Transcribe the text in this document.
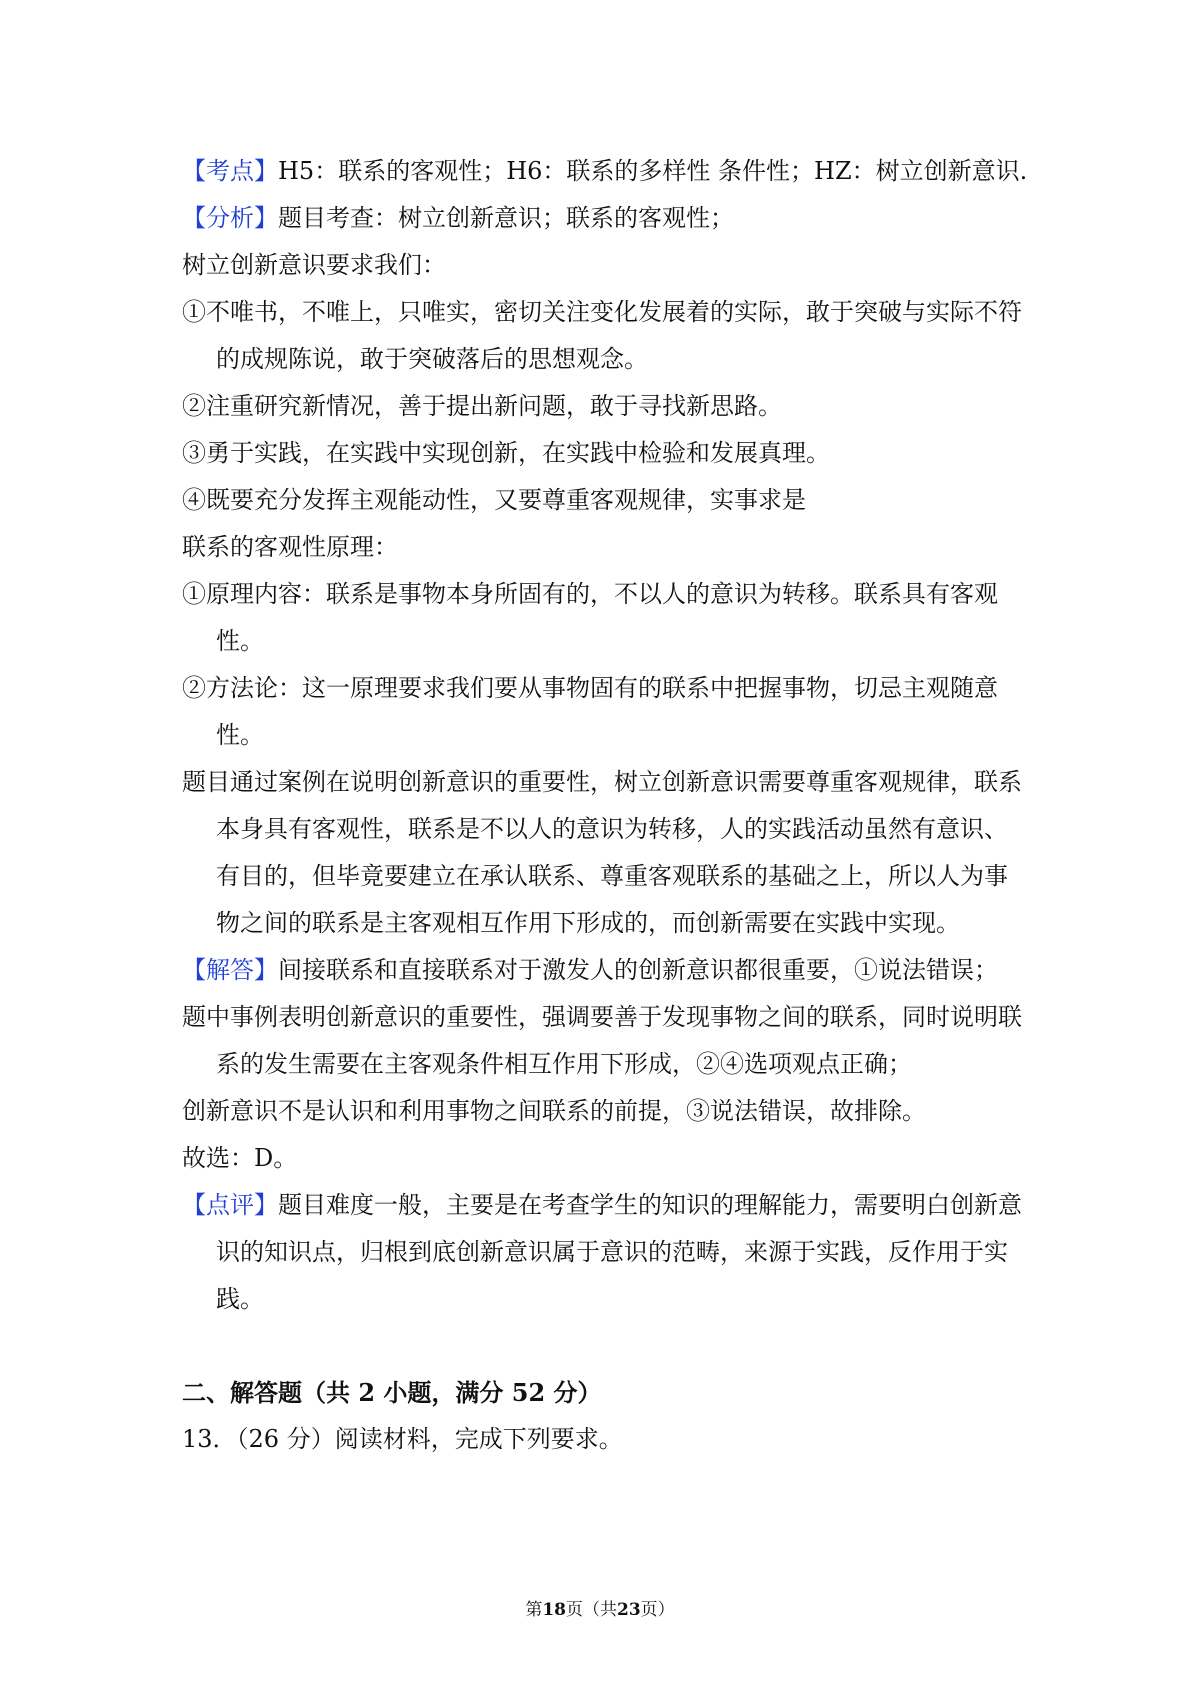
【考点】H5：联系的客观性；H6：联系的多样性 条件性；HZ：树立创新意识.

【分析】题目考查：树立创新意识；联系的客观性；

树立创新意识要求我们：

①不唯书，不唯上，只唯实，密切关注变化发展着的实际，敢于突破与实际不符的成规陈说，敢于突破落后的思想观念。

②注重研究新情况，善于提出新问题，敢于寻找新思路。

③勇于实践，在实践中实现创新，在实践中检验和发展真理。

④既要充分发挥主观能动性，又要尊重客观规律，实事求是

联系的客观性原理：

①原理内容：联系是事物本身所固有的，不以人的意识为转移。联系具有客观性。

②方法论：这一原理要求我们要从事物固有的联系中把握事物，切忌主观随意性。

题目通过案例在说明创新意识的重要性，树立创新意识需要尊重客观规律，联系本身具有客观性，联系是不以人的意识为转移，人的实践活动虽然有意识、有目的，但毕竟要建立在承认联系、尊重客观联系的基础之上，所以人为事物之间的联系是主客观相互作用下形成的，而创新需要在实践中实现。

【解答】间接联系和直接联系对于激发人的创新意识都很重要，①说法错误；

题中事例表明创新意识的重要性，强调要善于发现事物之间的联系，同时说明联系的发生需要在主客观条件相互作用下形成，②④选项观点正确；

创新意识不是认识和利用事物之间联系的前提，③说法错误，故排除。

故选：D。

【点评】题目难度一般，主要是在考查学生的知识的理解能力，需要明白创新意识的知识点，归根到底创新意识属于意识的范畴，来源于实践，反作用于实践。

二、解答题（共 2 小题，满分 52 分）

13．（26 分）阅读材料，完成下列要求。

第18页（共23页）
